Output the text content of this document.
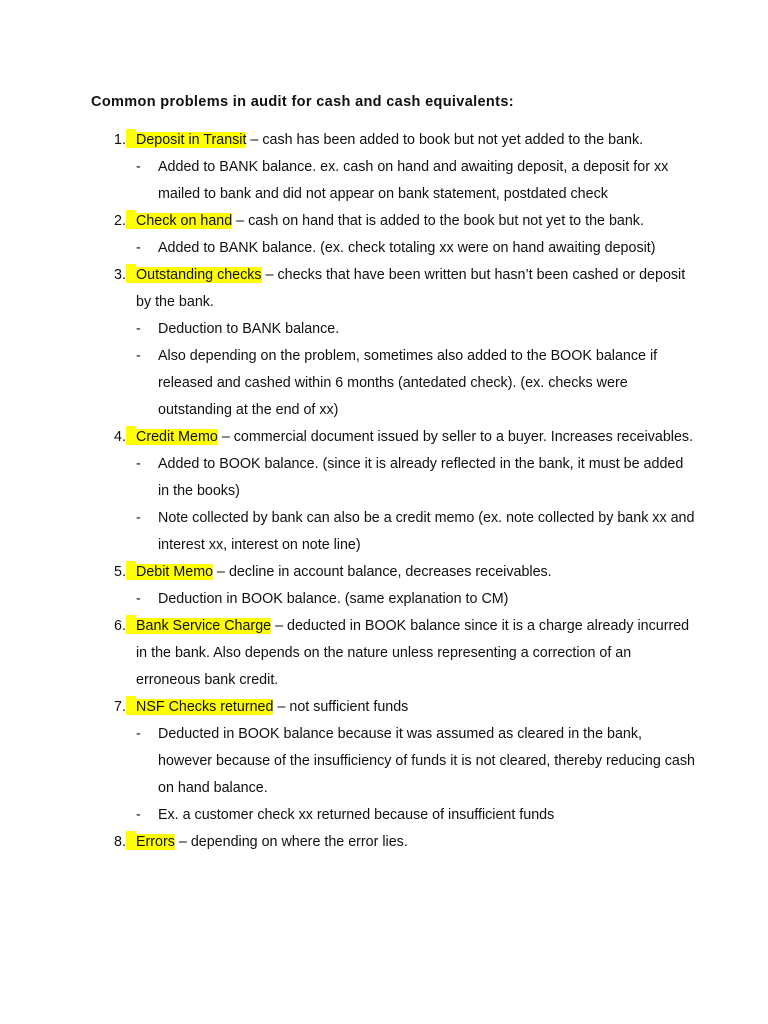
Common problems in audit for cash and cash equivalents:
1. Deposit in Transit – cash has been added to book but not yet added to the bank.
- Added to BANK balance. ex. cash on hand and awaiting deposit, a deposit for xx mailed to bank and did not appear on bank statement, postdated check
2. Check on hand – cash on hand that is added to the book but not yet to the bank.
- Added to BANK balance. (ex. check totaling xx were on hand awaiting deposit)
3. Outstanding checks – checks that have been written but hasn’t been cashed or deposit by the bank.
- Deduction to BANK balance.
- Also depending on the problem, sometimes also added to the BOOK balance if released and cashed within 6 months (antedated check). (ex. checks were outstanding at the end of xx)
4. Credit Memo – commercial document issued by seller to a buyer. Increases receivables.
- Added to BOOK balance. (since it is already reflected in the bank, it must be added in the books)
- Note collected by bank can also be a credit memo (ex. note collected by bank xx and interest xx, interest on note line)
5. Debit Memo – decline in account balance, decreases receivables.
- Deduction in BOOK balance. (same explanation to CM)
6. Bank Service Charge – deducted in BOOK balance since it is a charge already incurred in the bank. Also depends on the nature unless representing a correction of an erroneous bank credit.
7. NSF Checks returned – not sufficient funds
- Deducted in BOOK balance because it was assumed as cleared in the bank, however because of the insufficiency of funds it is not cleared, thereby reducing cash on hand balance.
- Ex. a customer check xx returned because of insufficient funds
8. Errors – depending on where the error lies.
